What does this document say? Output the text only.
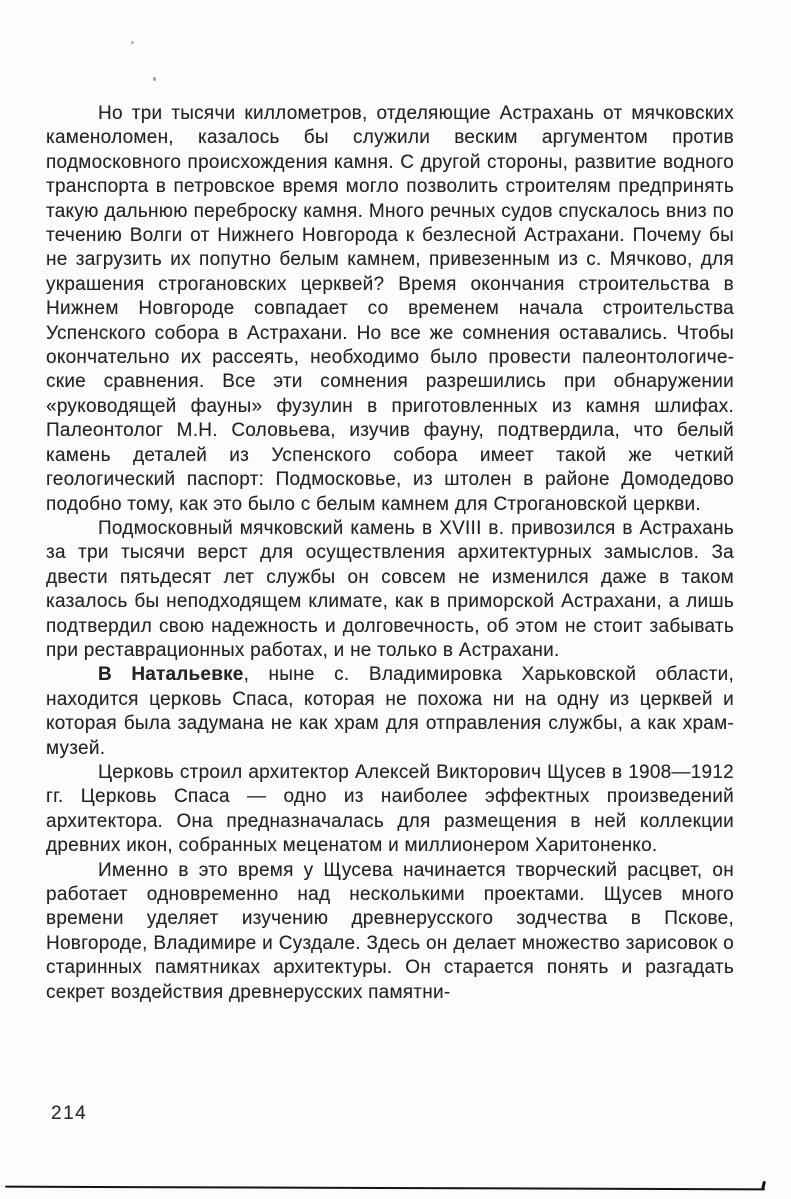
Но три тысячи киллометров, отделяющие Астрахань от мячковских каменоломен, казалось бы служили веским аргументом против подмосковного происхождения камня. С другой стороны, развитие водного транспорта в петровское время могло позволить строителям предпринять такую дальнюю переброску камня. Много речных судов спускалось вниз по течению Волги от Нижнего Новгорода к безлесной Астрахани. Почему бы не загрузить их попутно белым камнем, привезенным из с. Мячково, для украшения строгановских церквей? Время окончания строительства в Нижнем Новгороде совпадает со временем начала строительства Успенского собора в Астрахани. Но все же сомнения оставались. Чтобы окончательно их рассеять, необходимо было провести палеонтологические сравнения. Все эти сомнения разрешились при обнаружении «руководящей фауны» фузулин в приготовленных из камня шлифах. Палеонтолог М.Н. Соловьева, изучив фауну, подтвердила, что белый камень деталей из Успенского собора имеет такой же четкий геологический паспорт: Подмосковье, из штолен в районе Домодедово подобно тому, как это было с белым камнем для Строгановской церкви.

Подмосковный мячковский камень в XVIII в. привозился в Астрахань за три тысячи верст для осуществления архитектурных замыслов. За двести пятьдесят лет службы он совсем не изменился даже в таком казалось бы неподходящем климате, как в приморской Астрахани, а лишь подтвердил свою надежность и долговечность, об этом не стоит забывать при реставрационных работах, и не только в Астрахани.

В Натальевке, ныне с. Владимировка Харьковской области, находится церковь Спаса, которая не похожа ни на одну из церквей и которая была задумана не как храм для отправления службы, а как храм-музей.

Церковь строил архитектор Алексей Викторович Щусев в 1908—1912 гг. Церковь Спаса — одно из наиболее эффектных произведений архитектора. Она предназначалась для размещения в ней коллекции древних икон, собранных меценатом и миллионером Харитоненко.

Именно в это время у Щусева начинается творческий расцвет, он работает одновременно над несколькими проектами. Щусев много времени уделяет изучению древнерусского зодчества в Пскове, Новгороде, Владимире и Суздале. Здесь он делает множество зарисовок о старинных памятниках архитектуры. Он старается понять и разгадать секрет воздействия древнерусских памятни-

214
